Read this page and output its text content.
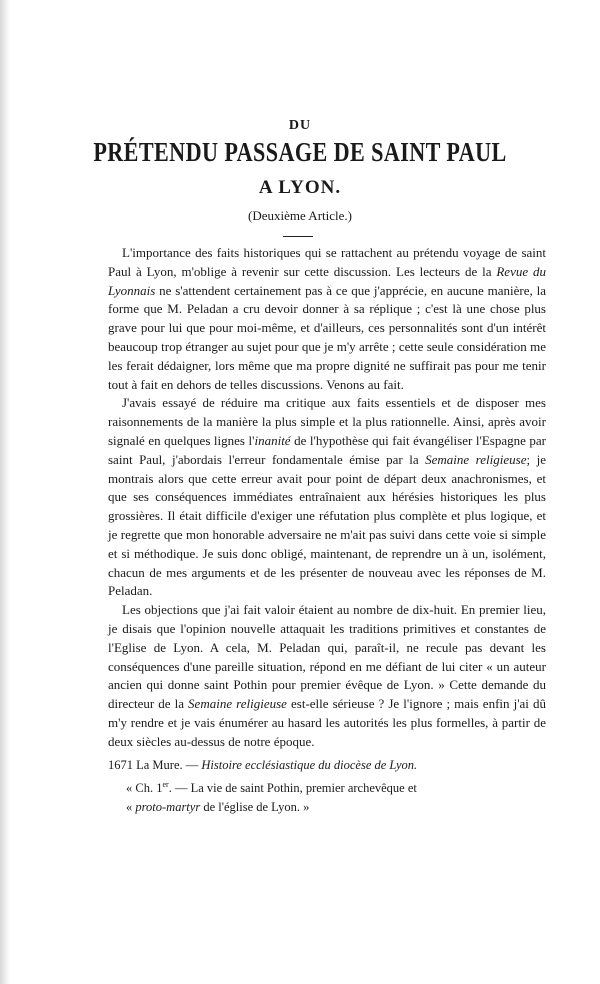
DU
PRÉTENDU PASSAGE DE SAINT PAUL
A LYON.
(Deuxième Article.)

L'importance des faits historiques qui se rattachent au prétendu voyage de saint Paul à Lyon, m'oblige à revenir sur cette discussion. Les lecteurs de la Revue du Lyonnais ne s'attendent certainement pas à ce que j'apprécie, en aucune manière, la forme que M. Peladan a cru devoir donner à sa réplique ; c'est là une chose plus grave pour lui que pour moi-même, et d'ailleurs, ces personnalités sont d'un intérêt beaucoup trop étranger au sujet pour que je m'y arrête ; cette seule considération me les ferait dédaigner, lors même que ma propre dignité ne suffirait pas pour me tenir tout à fait en dehors de telles discussions. Venons au fait.

J'avais essayé de réduire ma critique aux faits essentiels et de disposer mes raisonnements de la manière la plus simple et la plus rationnelle. Ainsi, après avoir signalé en quelques lignes l'inanité de l'hypothèse qui fait évangéliser l'Espagne par saint Paul, j'abordais l'erreur fondamentale émise par la Semaine religieuse; je montrais alors que cette erreur avait pour point de départ deux anachronismes, et que ses conséquences immédiates entraînaient aux hérésies historiques les plus grossières. Il était difficile d'exiger une réfutation plus complète et plus logique, et je regrette que mon honorable adversaire ne m'ait pas suivi dans cette voie si simple et si méthodique. Je suis donc obligé, maintenant, de reprendre un à un, isolément, chacun de mes arguments et de les présenter de nouveau avec les réponses de M. Peladan.

Les objections que j'ai fait valoir étaient au nombre de dix-huit. En premier lieu, je disais que l'opinion nouvelle attaquait les traditions primitives et constantes de l'Eglise de Lyon. A cela, M. Peladan qui, paraît-il, ne recule pas devant les conséquences d'une pareille situation, répond en me défiant de lui citer « un auteur ancien qui donne saint Pothin pour premier évêque de Lyon. » Cette demande du directeur de la Semaine religieuse est-elle sérieuse ? Je l'ignore ; mais enfin j'ai dû m'y rendre et je vais énumérer au hasard les autorités les plus formelles, à partir de deux siècles au-dessus de notre époque.

1671 La Mure. — Histoire ecclésiastique du diocèse de Lyon.
« Ch. 1er. — La vie de saint Pothin, premier archevêque et
« proto-martyr de l'église de Lyon. »
